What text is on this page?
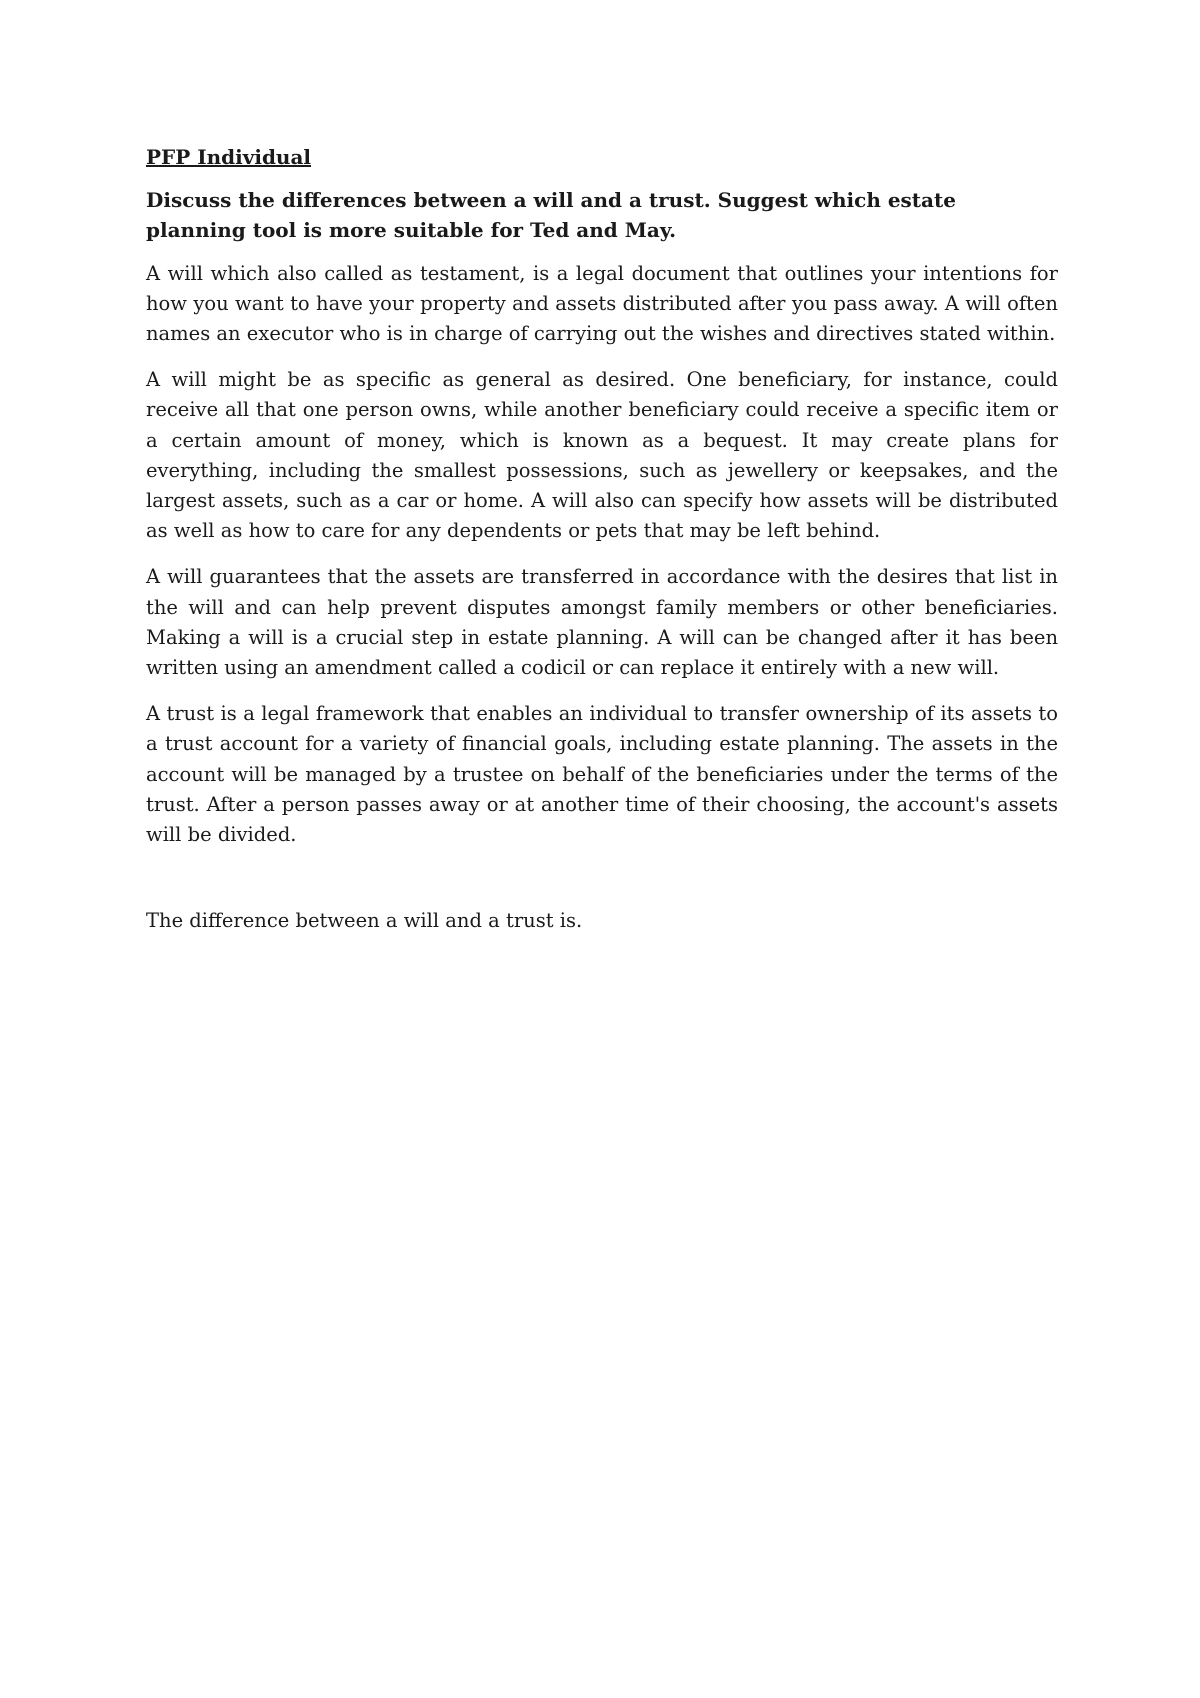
PFP Individual

Discuss the differences between a will and a trust. Suggest which estate planning tool is more suitable for Ted and May.

A will which also called as testament, is a legal document that outlines your intentions for how you want to have your property and assets distributed after you pass away. A will often names an executor who is in charge of carrying out the wishes and directives stated within.

A will might be as specific as general as desired. One beneficiary, for instance, could receive all that one person owns, while another beneficiary could receive a specific item or a certain amount of money, which is known as a bequest. It may create plans for everything, including the smallest possessions, such as jewellery or keepsakes, and the largest assets, such as a car or home. A will also can specify how assets will be distributed as well as how to care for any dependents or pets that may be left behind.

A will guarantees that the assets are transferred in accordance with the desires that list in the will and can help prevent disputes amongst family members or other beneficiaries. Making a will is a crucial step in estate planning. A will can be changed after it has been written using an amendment called a codicil or can replace it entirely with a new will.

A trust is a legal framework that enables an individual to transfer ownership of its assets to a trust account for a variety of financial goals, including estate planning. The assets in the account will be managed by a trustee on behalf of the beneficiaries under the terms of the trust. After a person passes away or at another time of their choosing, the account's assets will be divided.

The difference between a will and a trust is.
